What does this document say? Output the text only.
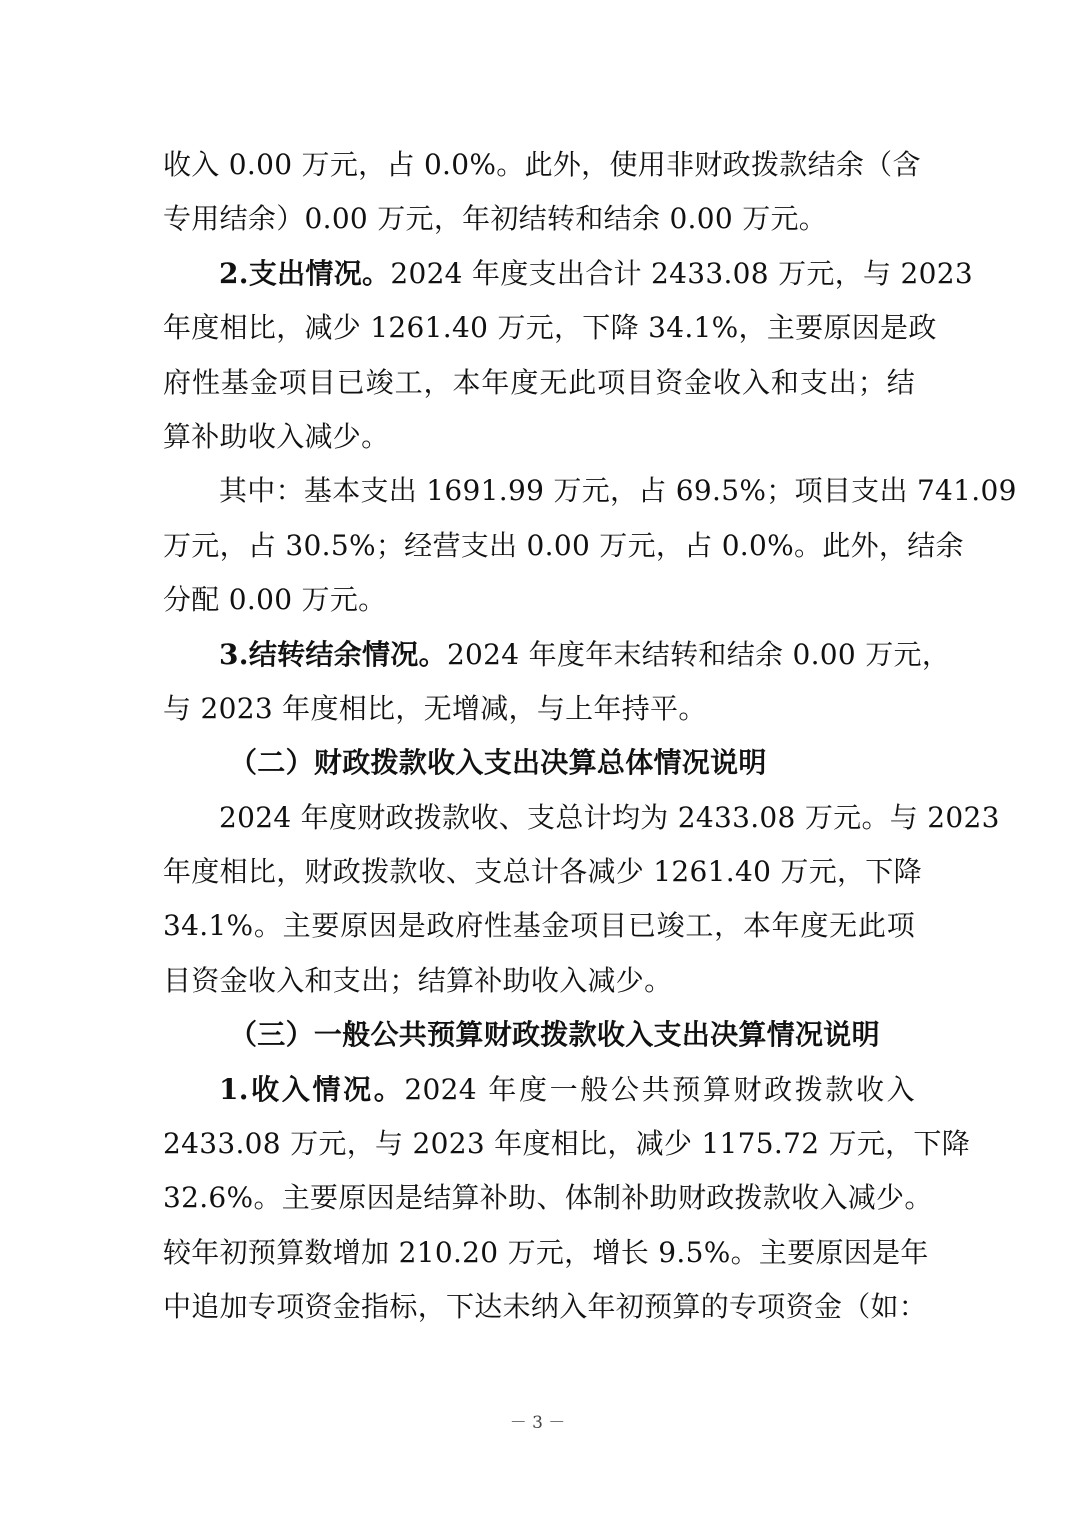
收入 0.00 万元，占 0.0%。此外，使用非财政拨款结余（含
专用结余）0.00 万元，年初结转和结余 0.00 万元。
2.支出情况。2024 年度支出合计 2433.08 万元，与 2023
年度相比，减少 1261.40 万元，下降 34.1%，主要原因是政
府性基金项目已竣工，本年度无此项目资金收入和支出；结
算补助收入减少。
其中：基本支出 1691.99 万元，占 69.5%；项目支出 741.09
万元，占 30.5%；经营支出 0.00 万元，占 0.0%。此外，结余
分配 0.00 万元。
3.结转结余情况。2024 年度年末结转和结余 0.00 万元，
与 2023 年度相比，无增减，与上年持平。
（二）财政拨款收入支出决算总体情况说明
2024 年度财政拨款收、支总计均为 2433.08 万元。与 2023
年度相比，财政拨款收、支总计各减少 1261.40 万元，下降
34.1%。主要原因是政府性基金项目已竣工，本年度无此项
目资金收入和支出；结算补助收入减少。
（三）一般公共预算财政拨款收入支出决算情况说明
1.收入情况。2024 年度一般公共预算财政拨款收入
2433.08 万元，与 2023 年度相比，减少 1175.72 万元，下降
32.6%。主要原因是结算补助、体制补助财政拨款收入减少。
较年初预算数增加 210.20 万元，增长 9.5%。主要原因是年
中追加专项资金指标，下达未纳入年初预算的专项资金（如：
－ 3 －
